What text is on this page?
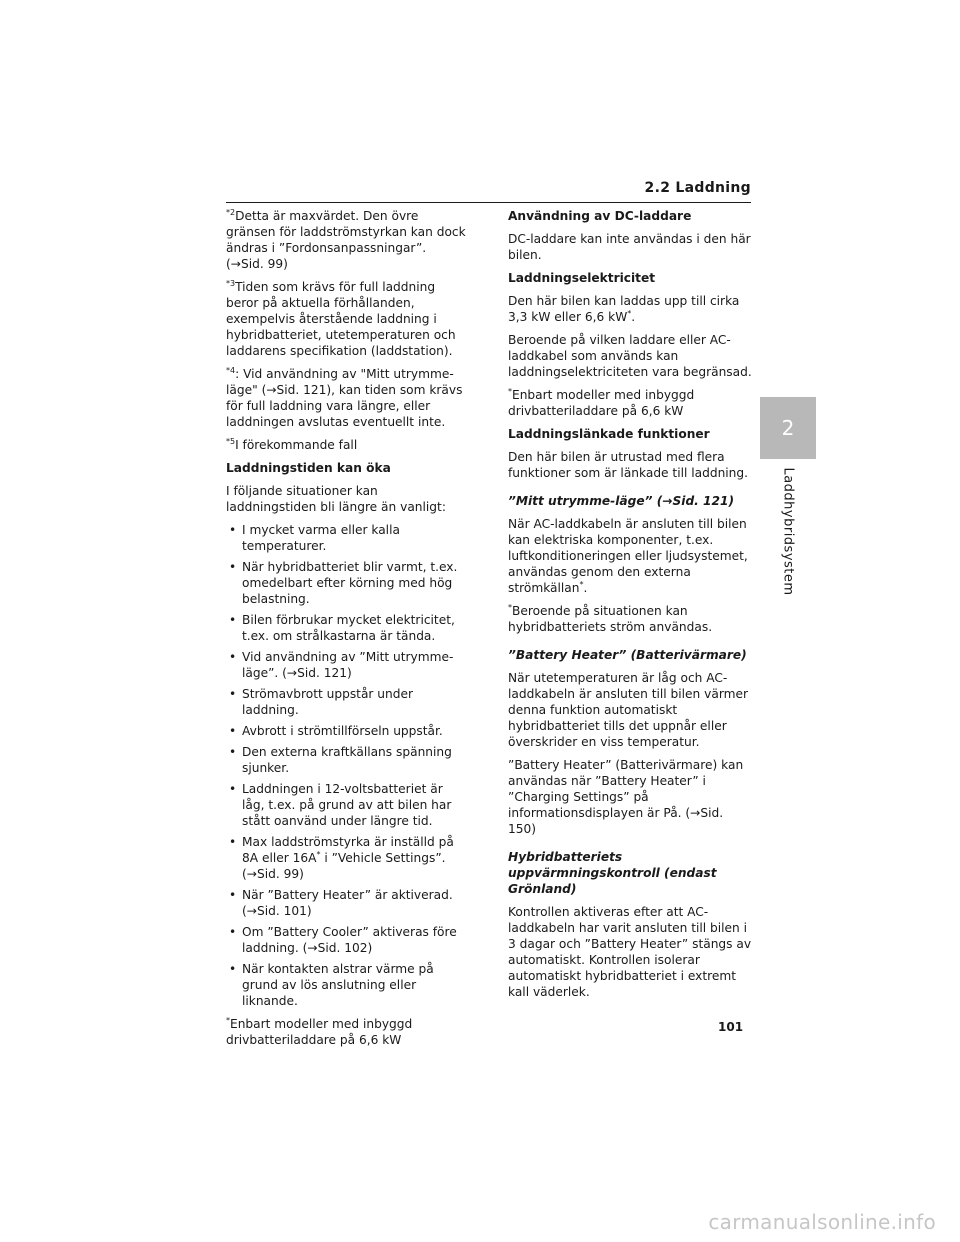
2.2 Laddning

$^{*2}$Detta är maxvärdet. Den övre gränsen för laddströmstyrkan kan dock ändras i ”Fordonsanpassningar”. (→Sid. 99)

$^{*3}$Tiden som krävs för full laddning beror på aktuella förhållanden, exempelvis återstående laddning i hybridbatteriet, utetemperaturen och laddarens specifikation (laddstation).

$^{*4}$: Vid användning av "Mitt utrymme-läge" (→Sid. 121), kan tiden som krävs för full laddning vara längre, eller laddningen avslutas eventuellt inte.

$^{*5}$I förekommande fall

Laddningstiden kan öka

I följande situationer kan laddningstiden bli längre än vanligt:

• I mycket varma eller kalla temperaturer.
• När hybridbatteriet blir varmt, t.ex. omedelbart efter körning med hög belastning.
• Bilen förbrukar mycket elektricitet, t.ex. om strålkastarna är tända.
• Vid användning av ”Mitt utrymme-läge”. (→Sid. 121)
• Strömavbrott uppstår under laddning.
• Avbrott i strömtillförseln uppstår.
• Den externa kraftkällans spänning sjunker.
• Laddningen i 12-voltsbatteriet är låg, t.ex. på grund av att bilen har stått oanvänd under längre tid.
• Max laddströmstyrka är inställd på 8A eller 16A* i ”Vehicle Settings”. (→Sid. 99)
• När ”Battery Heater” är aktiverad. (→Sid. 101)
• Om ”Battery Cooler” aktiveras före laddning. (→Sid. 102)
• När kontakten alstrar värme på grund av lös anslutning eller liknande.

*Enbart modeller med inbyggd drivbatteriladdare på 6,6 kW

Användning av DC-laddare

DC-laddare kan inte användas i den här bilen.

Laddningselektricitet

Den här bilen kan laddas upp till cirka 3,3 kW eller 6,6 kW*.

Beroende på vilken laddare eller AC-laddkabel som används kan laddningselektriciteten vara begränsad.

*Enbart modeller med inbyggd drivbatteriladdare på 6,6 kW

Laddningslänkade funktioner

Den här bilen är utrustad med flera funktioner som är länkade till laddning.

”Mitt utrymme-läge” (→Sid. 121)

När AC-laddkabeln är ansluten till bilen kan elektriska komponenter, t.ex. luftkonditioneringen eller ljudsystemet, användas genom den externa strömkällan*.

*Beroende på situationen kan hybridbatteriets ström användas.

”Battery Heater” (Batterivärmare)

När utetemperaturen är låg och AC-laddkabeln är ansluten till bilen värmer denna funktion automatiskt hybridbatteriet tills det uppnår eller överskrider en viss temperatur.

”Battery Heater” (Batterivärmare) kan användas när ”Battery Heater” i ”Charging Settings” på informationsdisplayen är På. (→Sid. 150)

Hybridbatteriets uppvärmningskontroll (endast Grönland)

Kontrollen aktiveras efter att AC-laddkabeln har varit ansluten till bilen i 3 dagar och ”Battery Heater” stängs av automatiskt. Kontrollen isolerar automatiskt hybridbatteriet i extremt kall väderlek.

2
Laddhybridsystem
101
carmanualsonline.info
